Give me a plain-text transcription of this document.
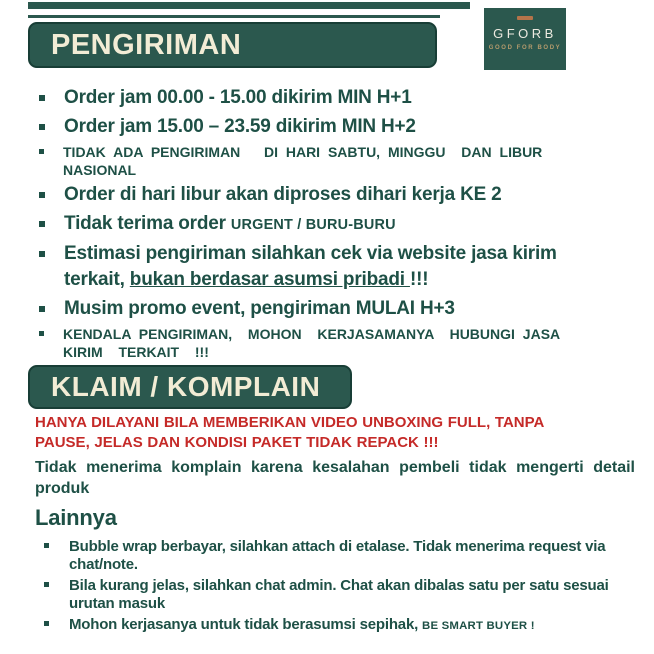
PENGIRIMAN	GFORB
GOOD FOR BODY
Order jam 00.00 - 15.00 dikirim MIN H+1
Order jam 15.00 – 23.59 dikirim MIN H+2
TIDAK ADA PENGIRIMAN   DI HARI SABTU, MINGGU  DAN LIBUR  NASIONAL
Order di hari libur akan diproses dihari kerja KE 2
Tidak terima order URGENT / BURU-BURU
Estimasi pengiriman silahkan cek via website jasa kirim terkait, bukan berdasar asumsi pribadi !!!
Musim promo event, pengiriman MULAI H+3
KENDALA PENGIRIMAN,  MOHON  KERJASAMANYA  HUBUNGI JASA KIRIM  TERKAIT  !!!
KLAIM / KOMPLAIN

HANYA DILAYANI BILA MEMBERIKAN VIDEO UNBOXING FULL, TANPA PAUSE, JELAS DAN KONDISI PAKET TIDAK REPACK !!!

Tidak menerima komplain karena kesalahan pembeli tidak mengerti detail produk

Lainnya
Bubble wrap berbayar, silahkan attach di etalase. Tidak menerima request via chat/note.
Bila kurang jelas, silahkan chat admin. Chat akan dibalas satu per satu sesuai urutan masuk
Mohon kerjasanya untuk tidak berasumsi sepihak, BE SMART BUYER !
